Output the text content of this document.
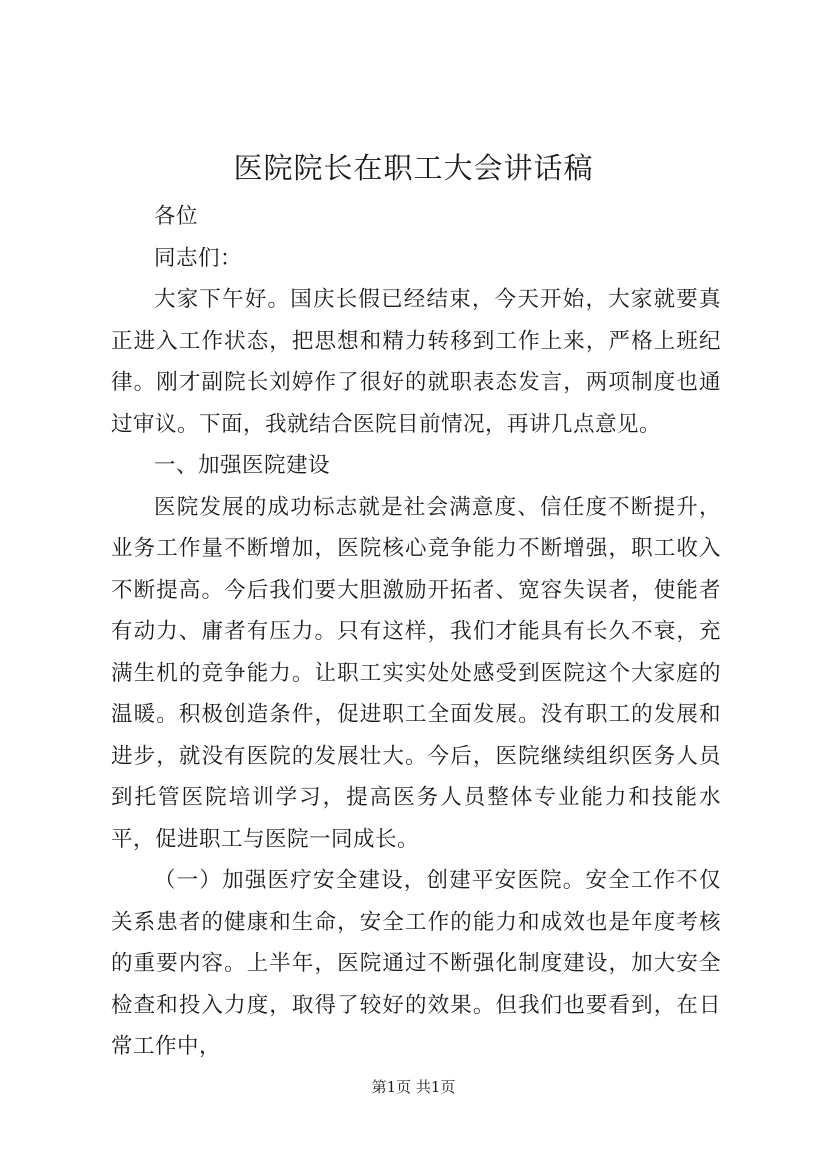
医院院长在职工大会讲话稿

各位

同志们：

大家下午好。国庆长假已经结束，今天开始，大家就要真正进入工作状态，把思想和精力转移到工作上来，严格上班纪律。刚才副院长刘婷作了很好的就职表态发言，两项制度也通过审议。下面，我就结合医院目前情况，再讲几点意见。

一、加强医院建设

医院发展的成功标志就是社会满意度、信任度不断提升，业务工作量不断增加，医院核心竞争能力不断增强，职工收入不断提高。今后我们要大胆激励开拓者、宽容失误者，使能者有动力、庸者有压力。只有这样，我们才能具有长久不衰，充满生机的竞争能力。让职工实实处处感受到医院这个大家庭的温暖。积极创造条件，促进职工全面发展。没有职工的发展和进步，就没有医院的发展壮大。今后，医院继续组织医务人员到托管医院培训学习，提高医务人员整体专业能力和技能水平，促进职工与医院一同成长。

（一）加强医疗安全建设，创建平安医院。安全工作不仅关系患者的健康和生命，安全工作的能力和成效也是年度考核的重要内容。上半年，医院通过不断强化制度建设，加大安全检查和投入力度，取得了较好的效果。但我们也要看到，在日常工作中，

第1页 共1页
